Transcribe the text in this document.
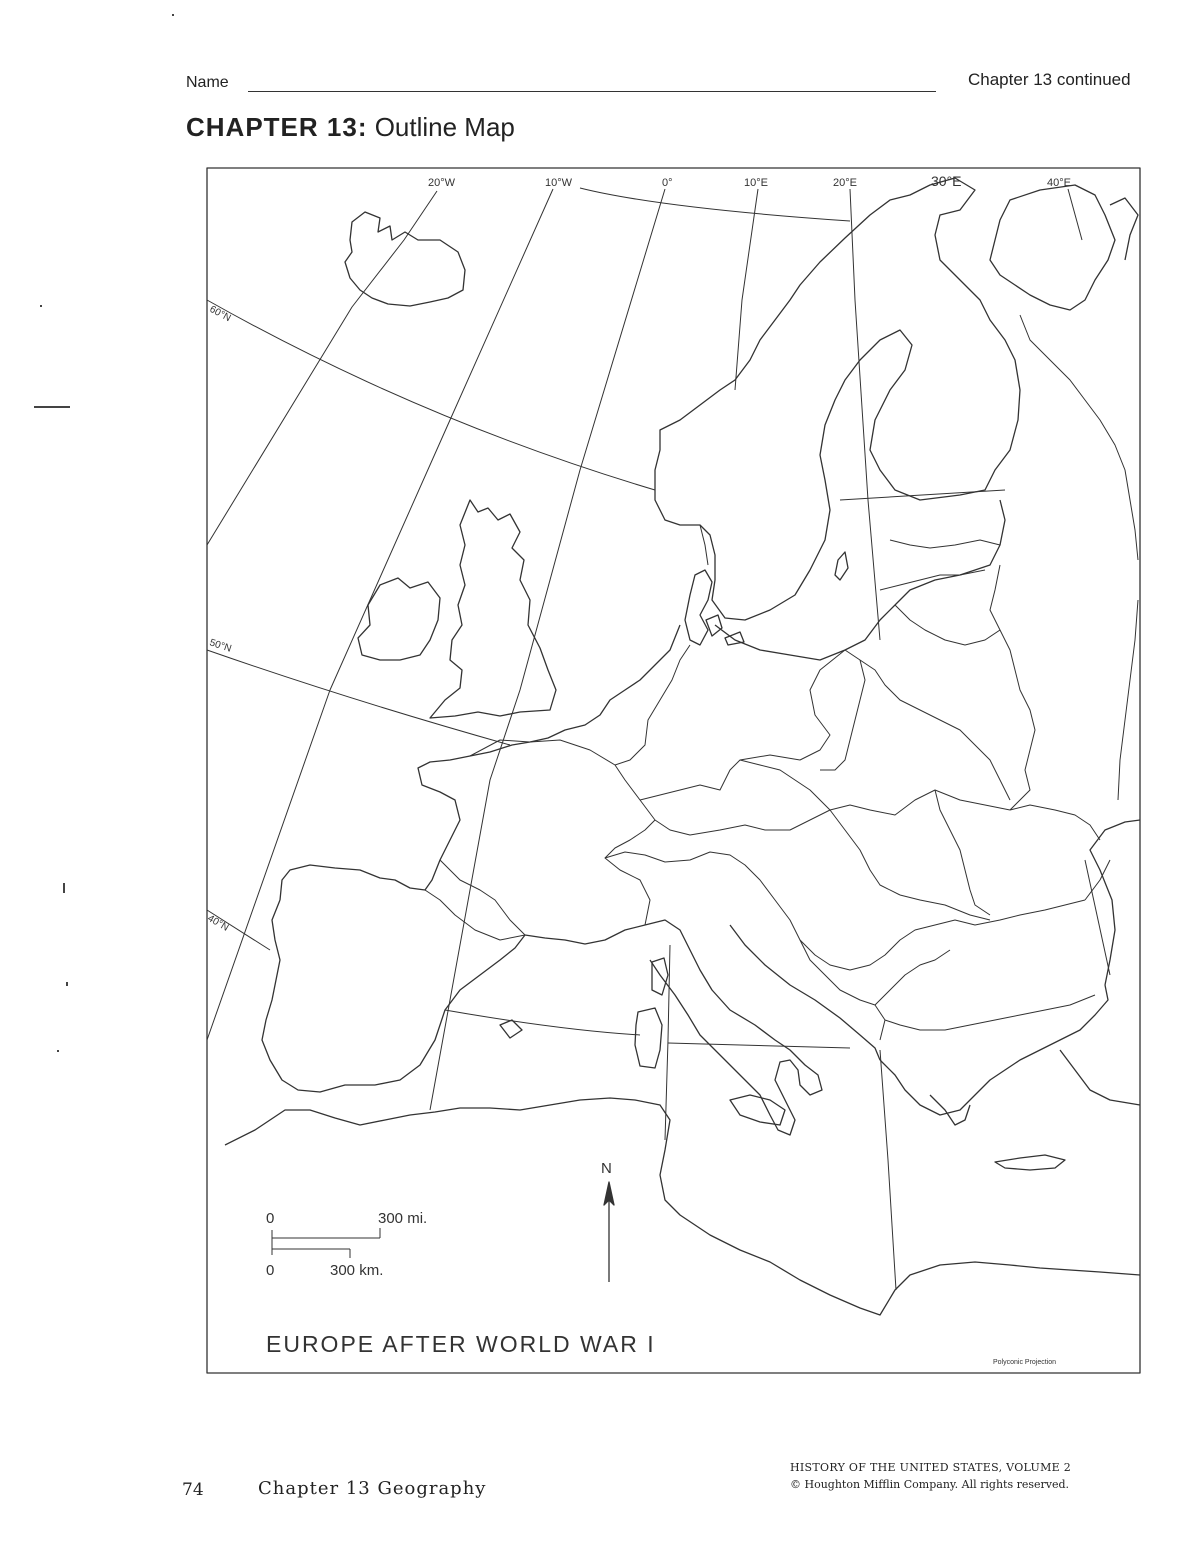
Name	Chapter 13 continued
CHAPTER 13: Outline Map
20°W	10°W	0°	10°E	20°E	30°E	40°E
60°N
50°N
40°N
N
0	300 mi.
0	300 km.
EUROPE AFTER WORLD WAR I
Polyconic Projection
74	Chapter 13 Geography
HISTORY OF THE UNITED STATES, VOLUME 2
© Houghton Mifflin Company. All rights reserved.
